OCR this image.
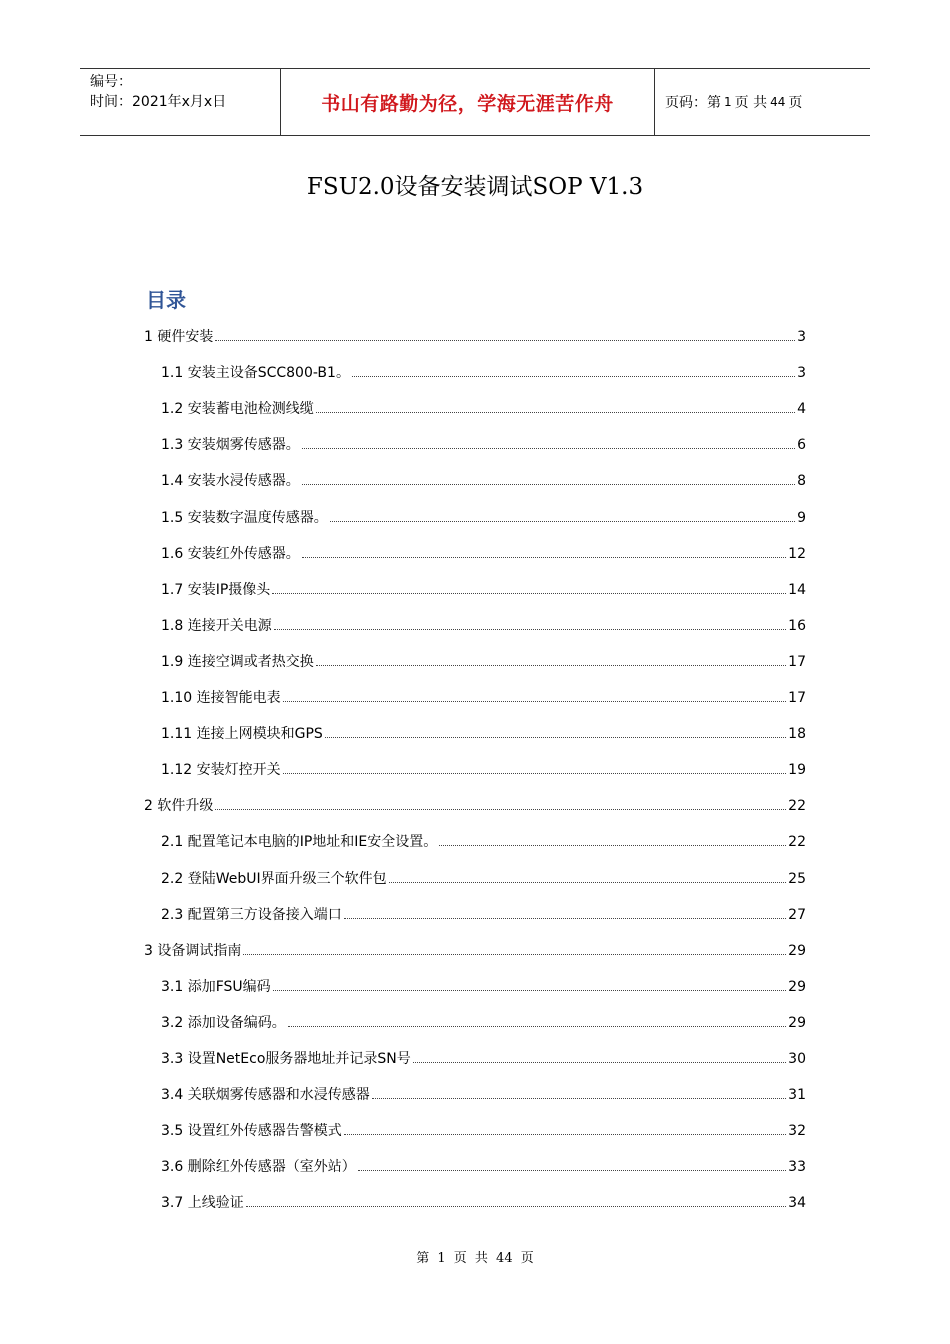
编号：
时间：2021年x月x日	书山有路勤为径，学海无涯苦作舟	页码：第 1 页 共 44 页
FSU2.0设备安装调试SOP V1.3
目录
1 硬件安装	3
1.1 安装主设备SCC800-B1。	3
1.2 安装蓄电池检测线缆	4
1.3 安装烟雾传感器。	6
1.4 安装水浸传感器。	8
1.5 安装数字温度传感器。	9
1.6 安装红外传感器。	12
1.7 安装IP摄像头	14
1.8 连接开关电源	16
1.9 连接空调或者热交换	17
1.10 连接智能电表	17
1.11 连接上网模块和GPS	18
1.12 安装灯控开关	19
2 软件升级	22
2.1 配置笔记本电脑的IP地址和IE安全设置。	22
2.2 登陆WebUI界面升级三个软件包	25
2.3 配置第三方设备接入端口	27
3 设备调试指南	29
3.1 添加FSU编码	29
3.2 添加设备编码。	29
3.3 设置NetEco服务器地址并记录SN号	30
3.4 关联烟雾传感器和水浸传感器	31
3.5 设置红外传感器告警模式	32
3.6 删除红外传感器（室外站）	33
3.7 上线验证	34
第 1 页 共 44 页
